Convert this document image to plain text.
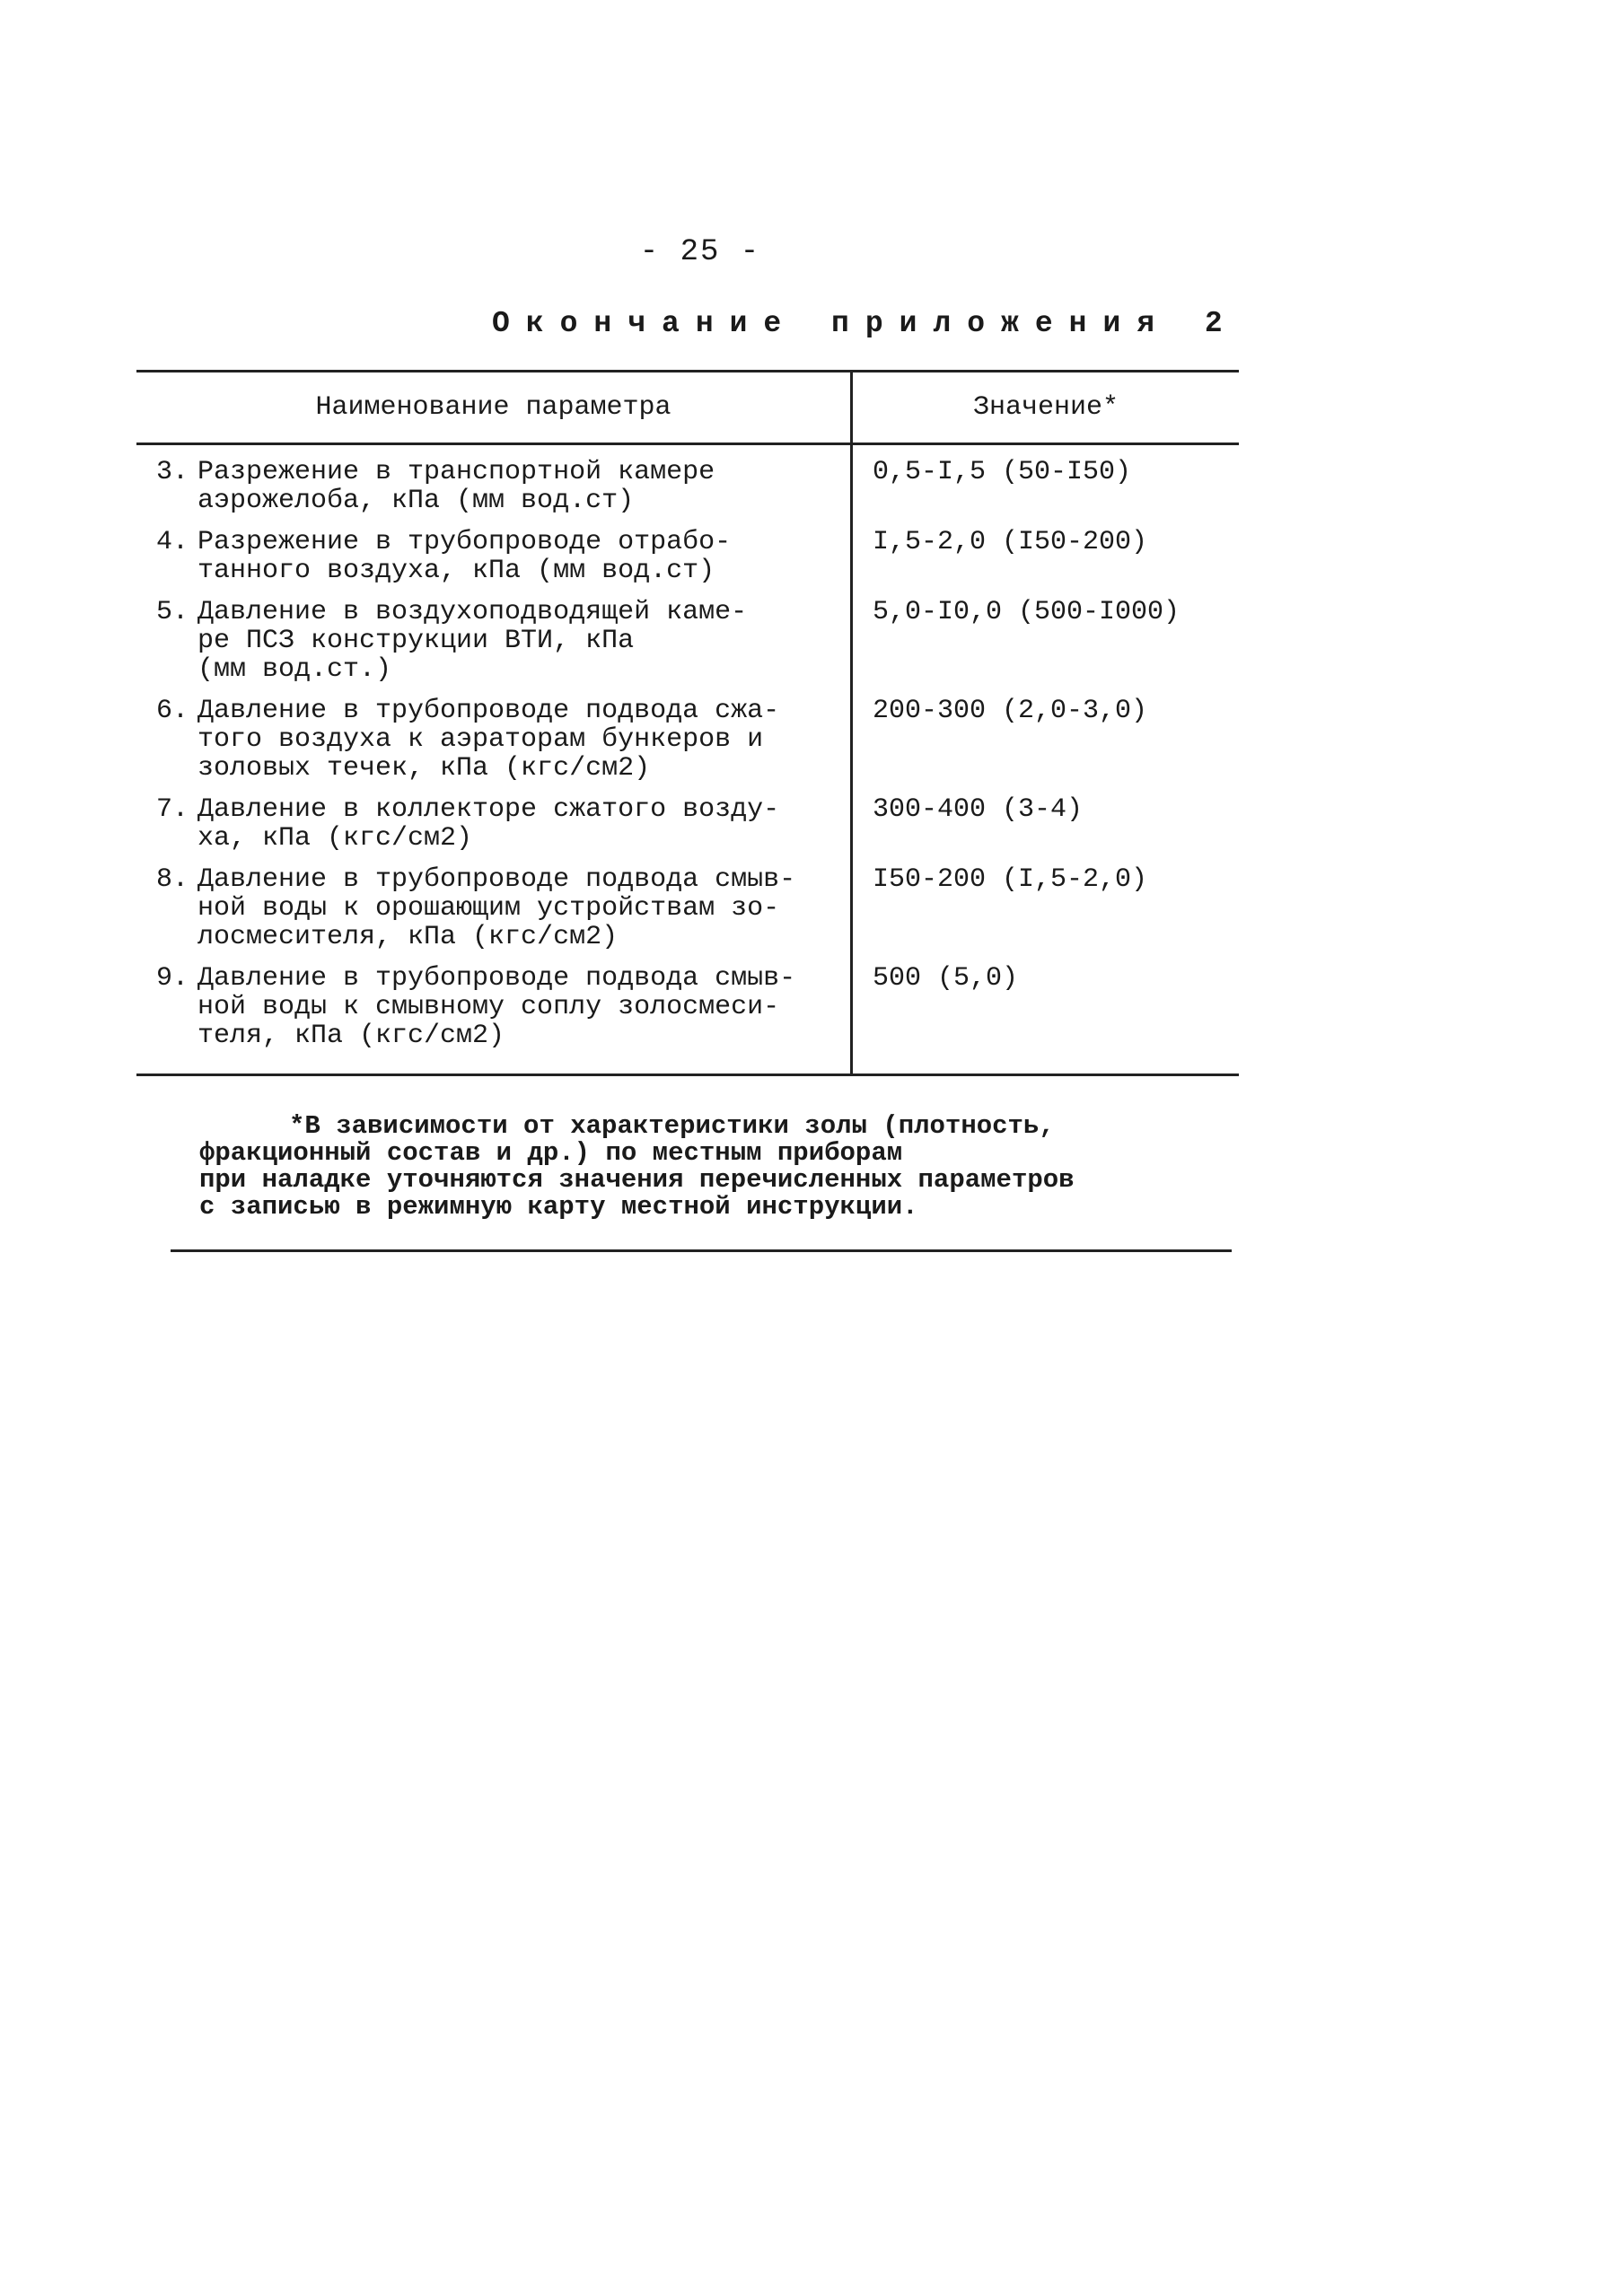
- 25 -
Окончание приложения 2
Наименование параметра	Значение*

3. Разрежение в транспортной камере
аэрожелоба, кПа (мм вод.ст)	0,5-I,5 (50-I50)

4. Разрежение в трубопроводе отрабо-
танного воздуха, кПа (мм вод.ст)	I,5-2,0 (I50-200)

5. Давление в воздухоподводящей каме-
ре ПСЗ конструкции ВТИ, кПа
(мм вод.ст.)	5,0-I0,0 (500-I000)

6. Давление в трубопроводе подвода сжа-
того воздуха к аэраторам бункеров и
золовых течек, кПа (кгс/см2)	200-300 (2,0-3,0)

7. Давление в коллекторе сжатого возду-
ха, кПа (кгс/см2)	300-400 (3-4)

8. Давление в трубопроводе подвода смыв-
ной воды к орошающим устройствам зо-
лосмесителя, кПа (кгс/см2)	I50-200 (I,5-2,0)

9. Давление в трубопроводе подвода смыв-
ной воды к смывному соплу золосмеси-
теля, кПа (кгс/см2)	500 (5,0)
*В зависимости от характеристики золы (плотность,
фракционный состав и др.) по местным приборам
при наладке уточняются значения перечисленных параметров
с записью в режимную карту местной инструкции.
